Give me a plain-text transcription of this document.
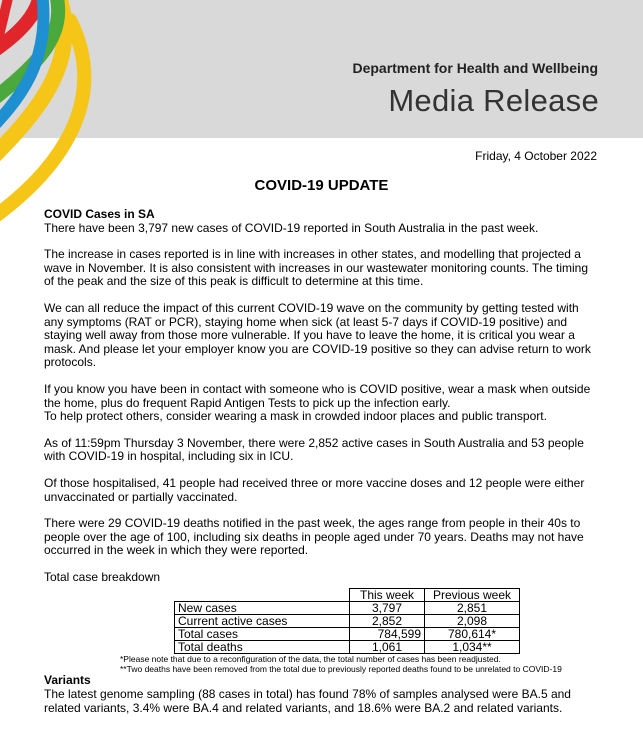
Department for Health and Wellbeing
Media Release
Friday, 4 October 2022
COVID-19 UPDATE
COVID Cases in SA

There have been 3,797 new cases of COVID-19 reported in South Australia in the past week.

The increase in cases reported is in line with increases in other states, and modelling that projected a wave in November. It is also consistent with increases in our wastewater monitoring counts. The timing of the peak and the size of this peak is difficult to determine at this time.

We can all reduce the impact of this current COVID-19 wave on the community by getting tested with any symptoms (RAT or PCR), staying home when sick (at least 5-7 days if COVID-19 positive) and staying well away from those more vulnerable. If you have to leave the home, it is critical you wear a mask. And please let your employer know you are COVID-19 positive so they can advise return to work protocols.

If you know you have been in contact with someone who is COVID positive, wear a mask when outside the home, plus do frequent Rapid Antigen Tests to pick up the infection early.

To help protect others, consider wearing a mask in crowded indoor places and public transport.

As of 11:59pm Thursday 3 November, there were 2,852 active cases in South Australia and 53 people with COVID-19 in hospital, including six in ICU.

Of those hospitalised, 41 people had received three or more vaccine doses and 12 people were either unvaccinated or partially vaccinated.

There were 29 COVID-19 deaths notified in the past week, the ages range from people in their 40s to people over the age of 100, including six deaths in people aged under 70 years. Deaths may not have occurred in the week in which they were reported.

Total case breakdown
	This week	Previous week
New cases	3,797	2,851
Current active cases	2,852	2,098
Total cases	784,599	780,614*
Total deaths	1,061	1,034**
*Please note that due to a reconfiguration of the data, the total number of cases has been readjusted.
**Two deaths have been removed from the total due to previously reported deaths found to be unrelated to COVID-19
Variants

The latest genome sampling (88 cases in total) has found 78% of samples analysed were BA.5 and related variants, 3.4% were BA.4 and related variants, and 18.6% were BA.2 and related variants.
